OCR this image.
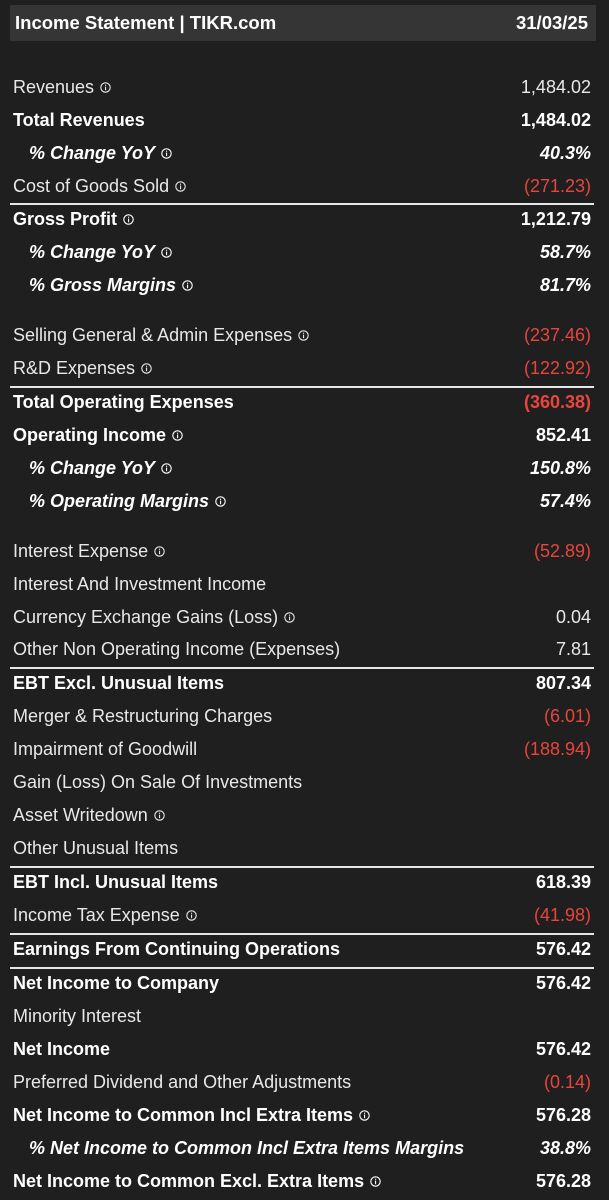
Income Statement | TIKR.com	31/03/25
Revenues	1,484.02
Total Revenues	1,484.02
% Change YoY	40.3%
Cost of Goods Sold	(271.23)
Gross Profit	1,212.79
% Change YoY	58.7%
% Gross Margins	81.7%
Selling General & Admin Expenses	(237.46)
R&D Expenses	(122.92)
Total Operating Expenses	(360.38)
Operating Income	852.41
% Change YoY	150.8%
% Operating Margins	57.4%
Interest Expense	(52.89)
Interest And Investment Income
Currency Exchange Gains (Loss)	0.04
Other Non Operating Income (Expenses)	7.81
EBT Excl. Unusual Items	807.34
Merger & Restructuring Charges	(6.01)
Impairment of Goodwill	(188.94)
Gain (Loss) On Sale Of Investments
Asset Writedown
Other Unusual Items
EBT Incl. Unusual Items	618.39
Income Tax Expense	(41.98)
Earnings From Continuing Operations	576.42
Net Income to Company	576.42
Minority Interest
Net Income	576.42
Preferred Dividend and Other Adjustments	(0.14)
Net Income to Common Incl Extra Items	576.28
% Net Income to Common Incl Extra Items Margins	38.8%
Net Income to Common Excl. Extra Items	576.28
